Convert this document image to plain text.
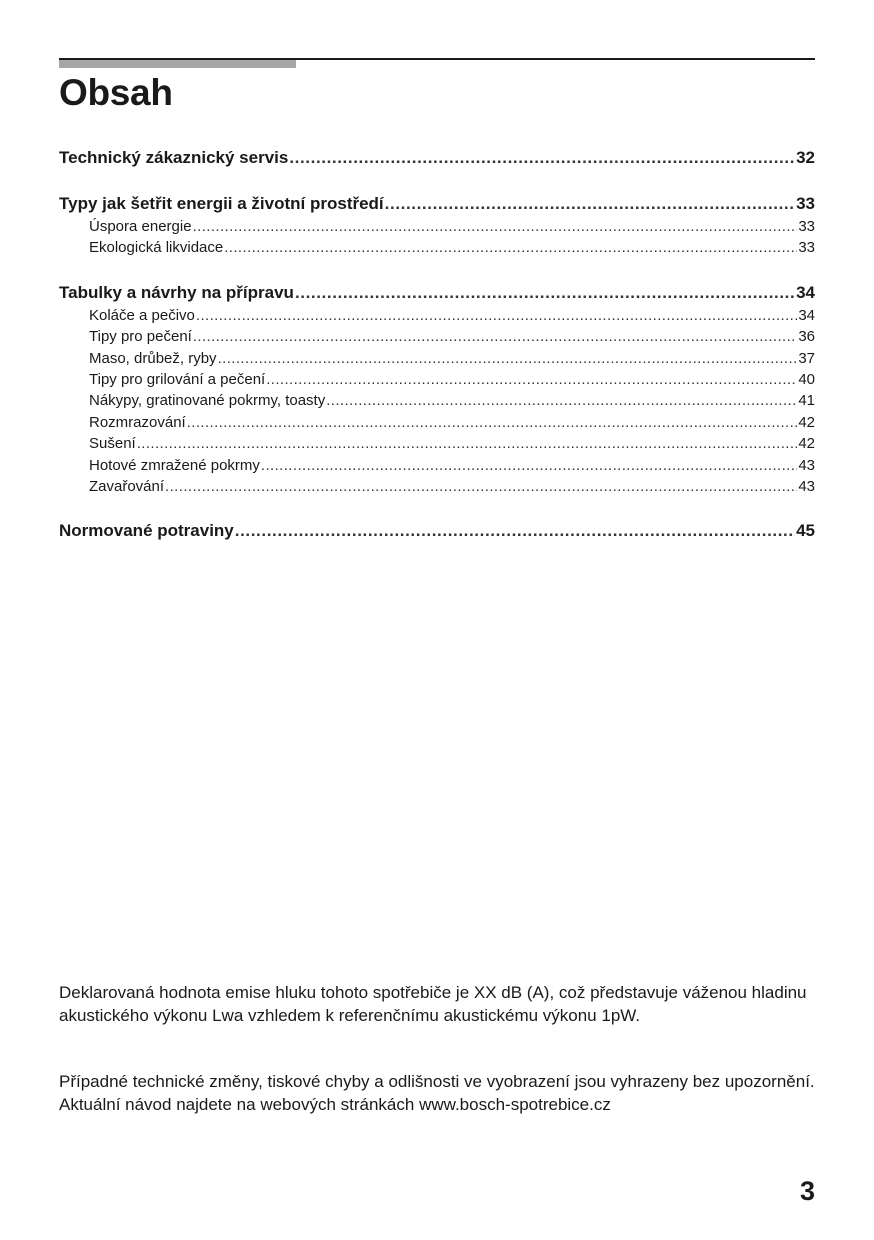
Obsah
Technický zákaznický servis .....	32
Typy jak šetřit energii a životní prostředí .....	33
Úspora energie .....	33
Ekologická likvidace .....	33
Tabulky a návrhy na přípravu .....	34
Koláče a pečivo .....	34
Tipy pro pečení .....	36
Maso, drůbež, ryby .....	37
Tipy pro grilování a pečení .....	40
Nákypy, gratinované pokrmy, toasty .....	41
Rozmrazování .....	42
Sušení .....	42
Hotové zmražené pokrmy .....	43
Zavařování .....	43
Normované potraviny .....	45

Deklarovaná hodnota emise hluku tohoto spotřebiče je XX dB (A), což představuje váženou hladinu akustického výkonu Lwa vzhledem k referenčnímu akustickému výkonu 1pW.

Případné technické změny, tiskové chyby a odlišnosti ve vyobrazení jsou vyhrazeny bez upozornění. Aktuální návod najdete na webových stránkách www.bosch-spotrebice.cz

3
